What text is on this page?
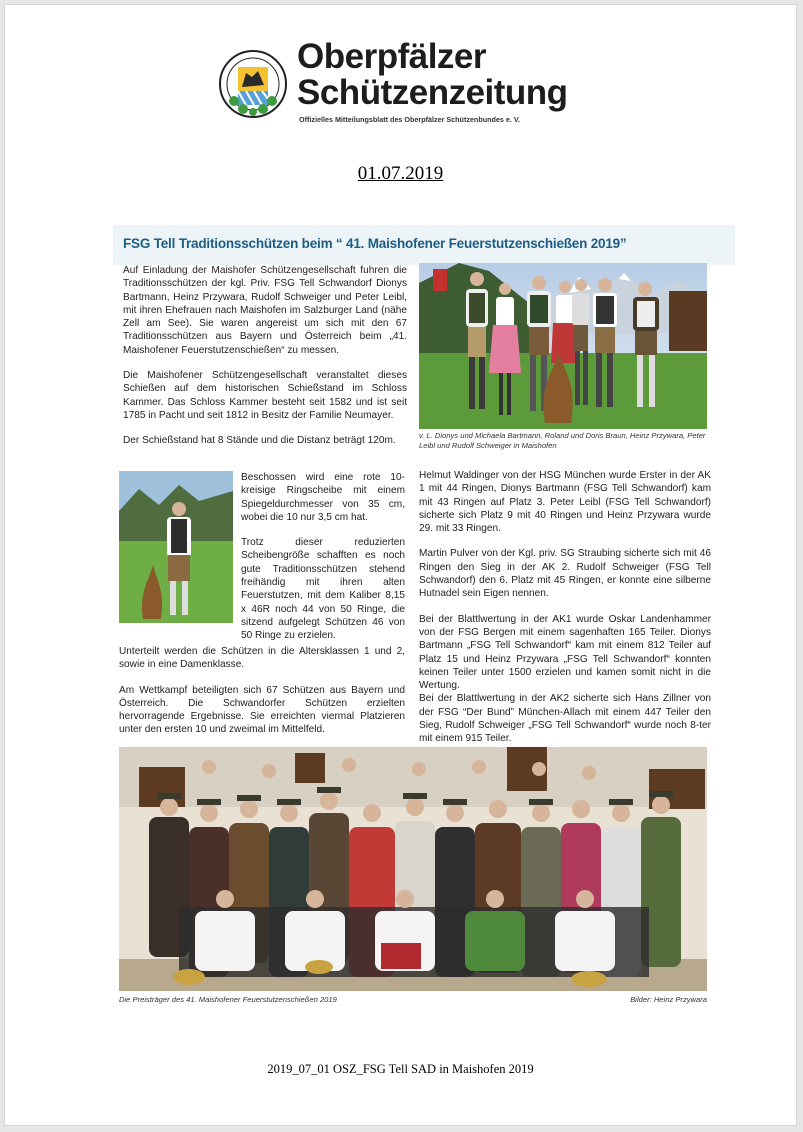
Oberpfälzer
Schützenzeitung
Offizielles Mitteilungsblatt des Oberpfälzer Schützenbundes e. V.
01.07.2019
FSG Tell Traditionsschützen beim “ 41. Maishofener Feuerstutzenschießen 2019”

Auf Einladung der Maishofer Schützengesellschaft fuhren die Traditionsschützen der kgl. Priv. FSG Tell Schwandorf Dionys Bartmann, Heinz Przywara, Rudolf Schweiger und Peter Leibl, mit ihren Ehefrauen nach Maishofen im Salzburger Land (nähe Zell am See). Sie waren angereist um sich mit den 67 Traditionsschützen aus Bayern und Österreich beim „41. Maishofener Feuerstutzenschießen“ zu messen.

Die Maishofener Schützengesellschaft veranstaltet dieses Schießen auf dem historischen Schießstand im Schloss Kammer. Das Schloss Kammer besteht seit 1582 und ist seit 1785 in Pacht und seit 1812 in Besitz der Familie Neumayer.

Der Schießstand hat 8 Stände und die Distanz beträgt 120m.	v. L. Dionys und Michaela Bartmann, Roland und Doris Braun, Heinz Przywara, Peter Leibl und Rudolf Schweiger in Maishofen

Beschossen wird eine rote 10-kreisige Ringscheibe mit einem Spiegeldurchmesser von 35 cm, wobei die 10 nur 3,5 cm hat.

Trotz dieser reduzierten Scheibengröße schafften es noch gute Traditionsschützen stehend freihändig mit ihren alten Feuerstutzen, mit dem Kaliber 8,15 x 46R noch 44 von 50 Ringe, die sitzend aufgelegt Schützen 46 von 50 Ringe zu erzielen.

Unterteilt werden die Schützen in die Altersklassen 1 und 2, sowie in eine Damenklasse.

Am Wettkampf beteiligten sich 67 Schützen aus Bayern und Österreich. Die Schwandorfer Schützen erzielten hervorragende Ergebnisse. Sie erreichten viermal Platzieren unter den ersten 10 und zweimal im Mittelfeld.

Helmut Waldinger von der HSG München wurde Erster in der AK 1 mit 44 Ringen, Dionys Bartmann (FSG Tell Schwandorf) kam mit 43 Ringen auf Platz 3. Peter Leibl (FSG Tell Schwandorf) sicherte sich Platz 9 mit 40 Ringen und Heinz Przywara wurde 29. mit 33 Ringen.

Martin Pulver von der Kgl. priv. SG Straubing sicherte sich mit 46 Ringen den Sieg in der AK 2. Rudolf Schweiger (FSG Tell Schwandorf) den 6. Platz mit 45 Ringen, er konnte eine silberne Hutnadel sein Eigen nennen.

Bei der Blattlwertung in der AK1 wurde Oskar Landenhammer von der FSG Bergen mit einem sagenhaften 165 Teiler. Dionys Bartmann „FSG Tell Schwandorf“ kam mit einem 812 Teiler auf Platz 15 und Heinz Przywara „FSG Tell Schwandorf“ konnten keinen Teiler unter 1500 erzielen und kamen somit nicht in die Wertung.

Bei der Blattlwertung in der AK2 sicherte sich Hans Zillner von der FSG “Der Bund” München-Allach mit einem 447 Teiler den Sieg, Rudolf Schweiger „FSG Tell Schwandorf“ wurde noch 8-ter mit einem 915 Teiler.

Die Preisträger des 41. Maishofener Feuerstutzenschießen 2019	Bilder: Heinz Przywara
2019_07_01 OSZ_FSG Tell SAD in Maishofen 2019
